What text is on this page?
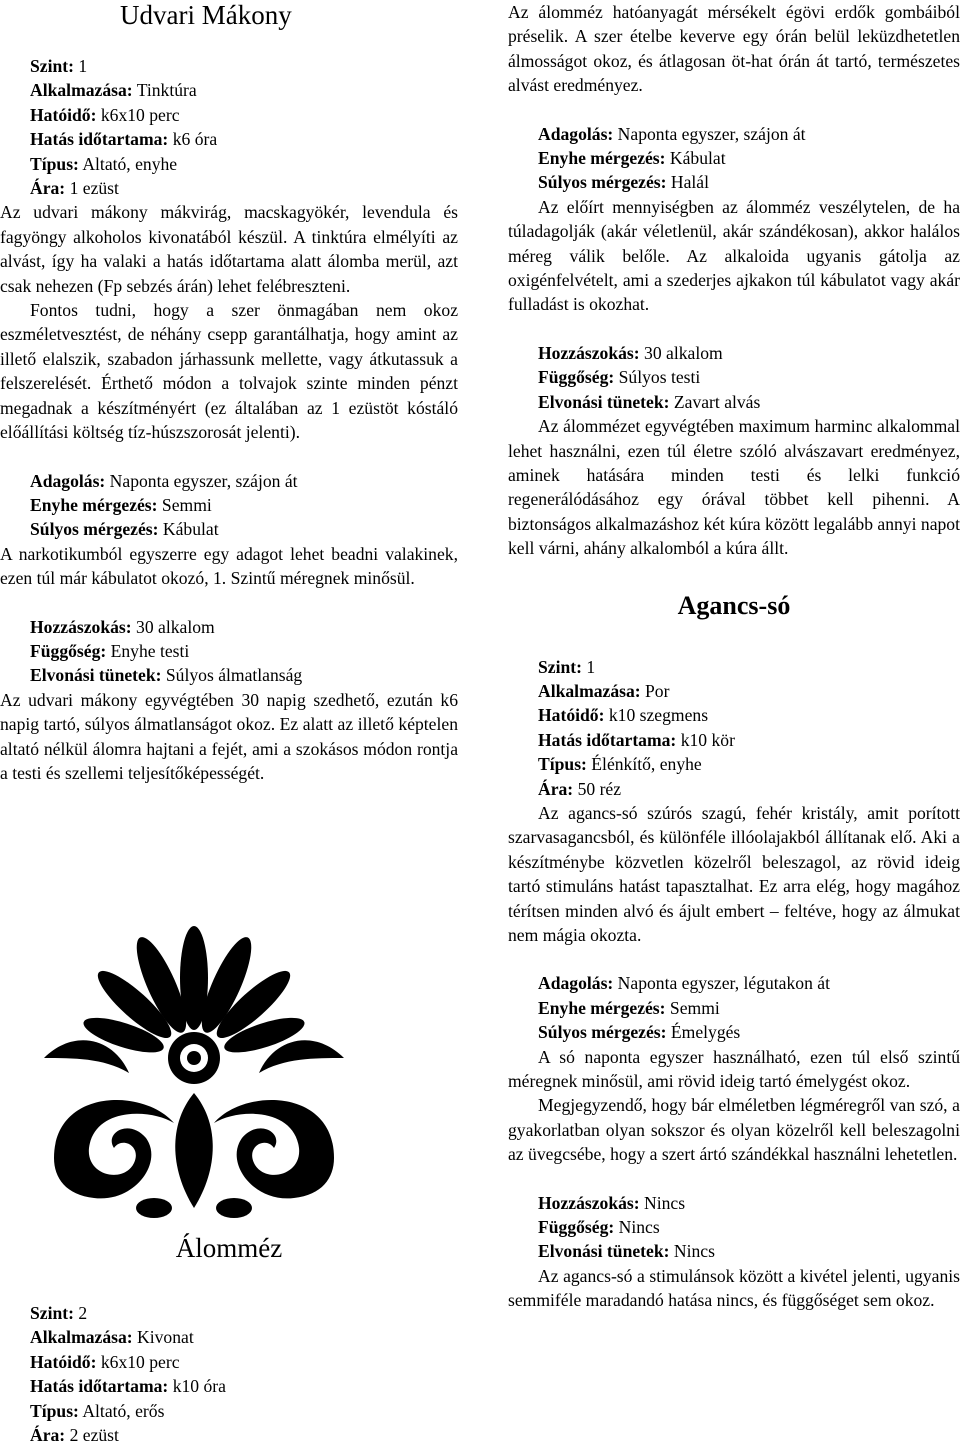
Udvari Mákony
Szint: 1
Alkalmazása: Tinktúra
Hatóidő: k6x10 perc
Hatás időtartama: k6 óra
Típus: Altató, enyhe
Ára: 1 ezüst

Az udvari mákony mákvirág, macskagyökér, levendula és fagyöngy alkoholos kivonatából készül. A tinktúra elmélyíti az alvást, így ha valaki a hatás időtartama alatt álomba merül, azt csak nehezen (Fp sebzés árán) lehet felébreszteni.

Fontos tudni, hogy a szer önmagában nem okoz eszméletvesztést, de néhány csepp garantálhatja, hogy amint az illető elalszik, szabadon járhassunk mellette, vagy átkutassuk a felszerelését. Érthető módon a tolvajok szinte minden pénzt megadnak a készítményért (ez általában az 1 ezüstöt kóstáló előállítási költség tíz-húszszorosát jelenti).

Adagolás: Naponta egyszer, szájon át
Enyhe mérgezés: Semmi
Súlyos mérgezés: Kábulat

A narkotikumból egyszerre egy adagot lehet beadni valakinek, ezen túl már kábulatot okozó, 1. Szintű méregnek minősül.

Hozzászokás: 30 alkalom
Függőség: Enyhe testi
Elvonási tünetek: Súlyos álmatlanság

Az udvari mákony egyvégtében 30 napig szedhető, ezután k6 napig tartó, súlyos álmatlanságot okoz. Ez alatt az illető képtelen altató nélkül álomra hajtani a fejét, ami a szokásos módon rontja a testi és szellemi teljesítőképességét.

Álomméz
Szint: 2
Alkalmazása: Kivonat
Hatóidő: k6x10 perc
Hatás időtartama: k10 óra
Típus: Altató, erős
Ára: 2 ezüst

Az álomméz hatóanyagát mérsékelt égövi erdők gombáiból préselik. A szer ételbe keverve egy órán belül leküzdhetetlen álmosságot okoz, és átlagosan öt-hat órán át tartó, természetes alvást eredményez.

Adagolás: Naponta egyszer, szájon át
Enyhe mérgezés: Kábulat
Súlyos mérgezés: Halál

Az előírt mennyiségben az álomméz veszélytelen, de ha túladagolják (akár véletlenül, akár szándékosan), akkor halálos méreg válik belőle. Az alkaloida ugyanis gátolja az oxigénfelvételt, ami a szederjes ajkakon túl kábulatot vagy akár fulladást is okozhat.

Hozzászokás: 30 alkalom
Függőség: Súlyos testi
Elvonási tünetek: Zavart alvás

Az álommézet egyvégtében maximum harminc alkalommal lehet használni, ezen túl életre szóló alvászavart eredményez, aminek hatására minden testi és lelki funkció regenerálódásához egy órával többet kell pihenni. A biztonságos alkalmazáshoz két kúra között legalább annyi napot kell várni, ahány alkalomból a kúra állt.

Agancs-só
Szint: 1
Alkalmazása: Por
Hatóidő: k10 szegmens
Hatás időtartama: k10 kör
Típus: Élénkítő, enyhe
Ára: 50 réz

Az agancs-só szúrós szagú, fehér kristály, amit porított szarvasagancsból, és különféle illóolajakból állítanak elő. Aki a készítménybe közvetlen közelről beleszagol, az rövid ideig tartó stimuláns hatást tapasztalhat. Ez arra elég, hogy magához térítsen minden alvó és ájult embert – feltéve, hogy az álmukat nem mágia okozta.

Adagolás: Naponta egyszer, légutakon át
Enyhe mérgezés: Semmi
Súlyos mérgezés: Émelygés

A só naponta egyszer használható, ezen túl első szintű méregnek minősül, ami rövid ideig tartó émelygést okoz.

Megjegyzendő, hogy bár elméletben légméregről van szó, a gyakorlatban olyan sokszor és olyan közelről kell beleszagolni az üvegcsébe, hogy a szert ártó szándékkal használni lehetetlen.

Hozzászokás: Nincs
Függőség: Nincs
Elvonási tünetek: Nincs

Az agancs-só a stimulánsok között a kivétel jelenti, ugyanis semmiféle maradandó hatása nincs, és függőséget sem okoz.
